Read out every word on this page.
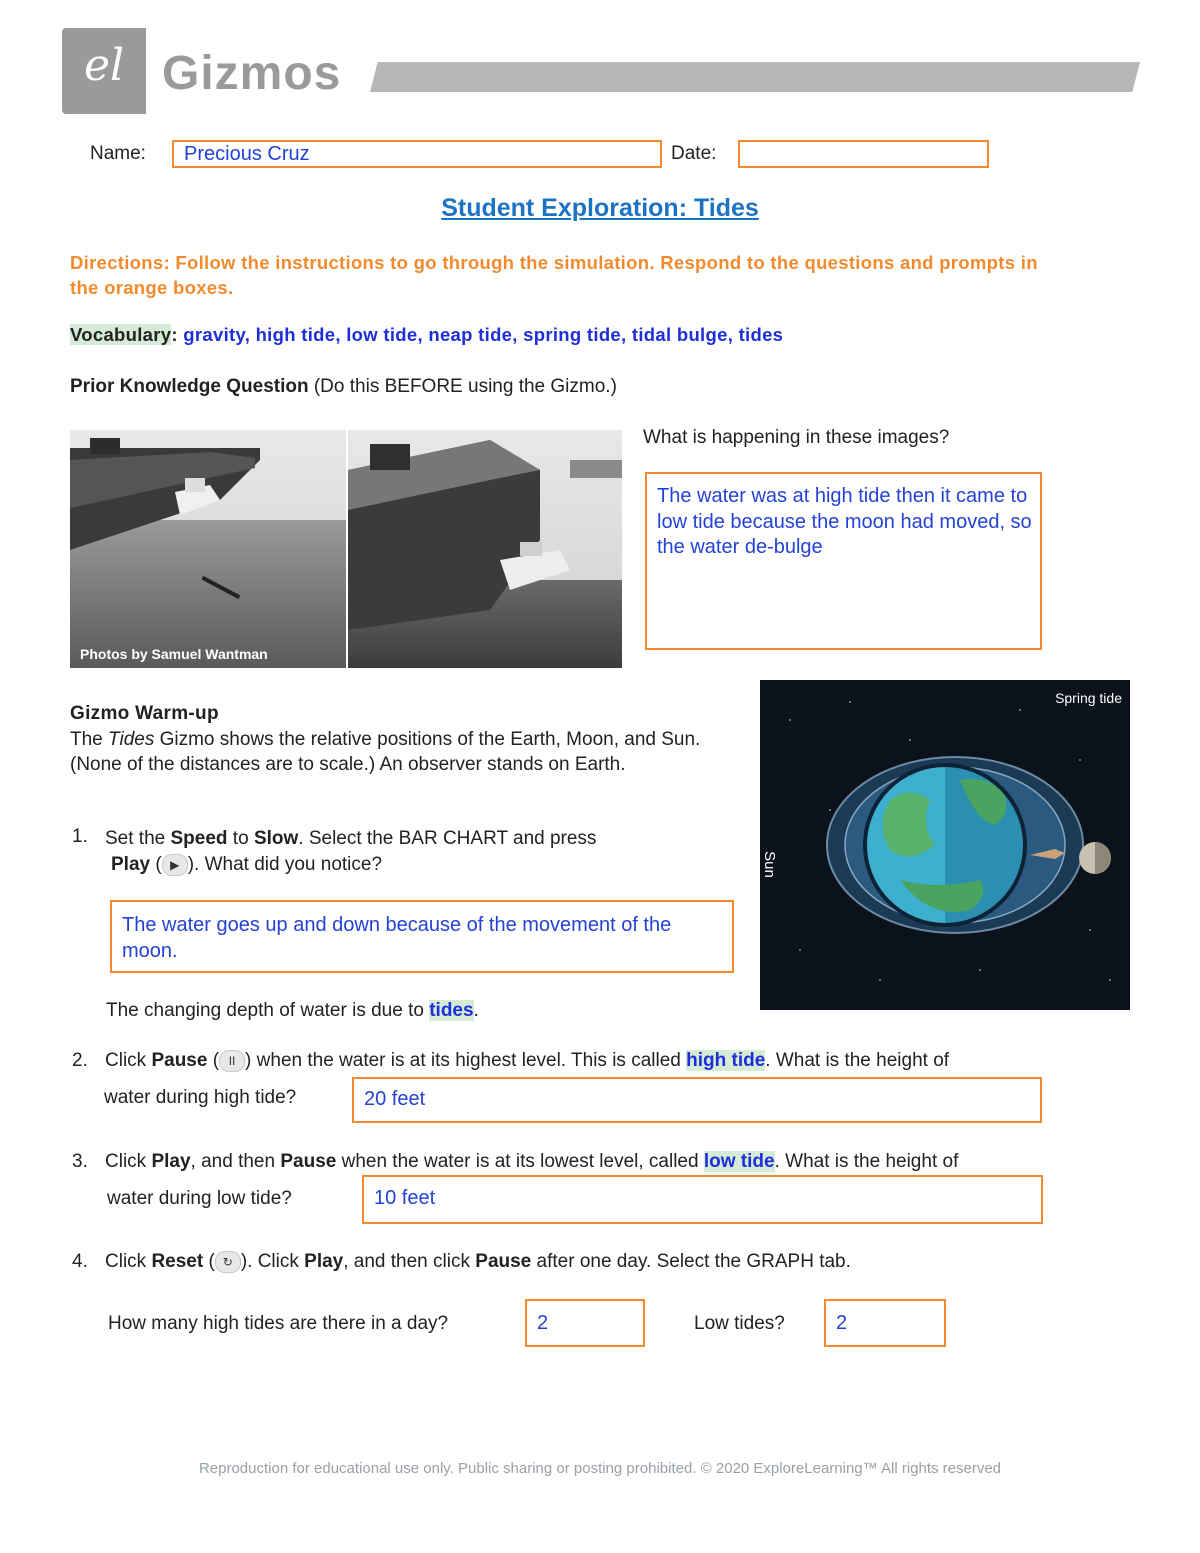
el Gizmos
Name: Precious Cruz	Date:
Student Exploration: Tides
Directions: Follow the instructions to go through the simulation. Respond to the questions and prompts in the orange boxes.
Vocabulary: gravity, high tide, low tide, neap tide, spring tide, tidal bulge, tides
Prior Knowledge Question (Do this BEFORE using the Gizmo.)
Photos by Samuel Wantman
What is happening in these images?
The water was at high tide then it came to low tide because the moon had moved, so the water de-bulge
Gizmo Warm-up
The Tides Gizmo shows the relative positions of the Earth, Moon, and Sun. (None of the distances are to scale.) An observer stands on Earth.
Spring tide
Sun
1. Set the Speed to Slow. Select the BAR CHART and press
Play ( ▶ ). What did you notice?
The water goes up and down because of the movement of the moon.
The changing depth of water is due to tides.
2. Click Pause ( II ) when the water is at its highest level. This is called high tide. What is the height of
water during high tide?	20 feet
3. Click Play, and then Pause when the water is at its lowest level, called low tide. What is the height of
water during low tide?	10 feet
4. Click Reset ( ↻ ). Click Play, and then click Pause after one day. Select the GRAPH tab.
How many high tides are there in a day?	2	Low tides?	2
Reproduction for educational use only. Public sharing or posting prohibited. © 2020 ExploreLearning™ All rights reserved
